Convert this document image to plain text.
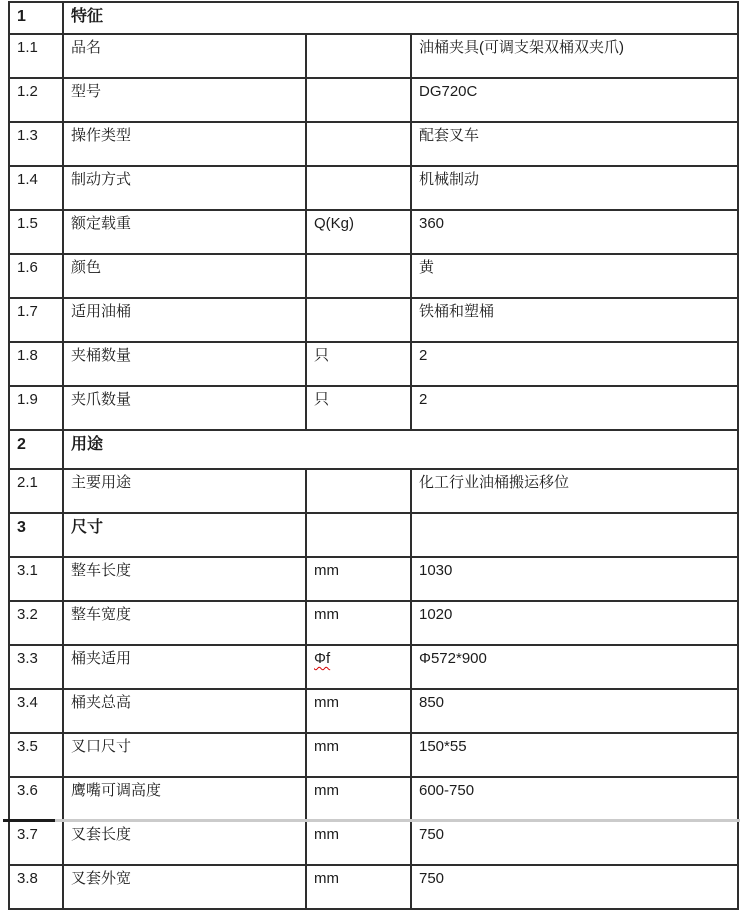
1	特征		
1.1	品名		油桶夹具(可调支架双桶双夹爪)
1.2	型号		DG720C
1.3	操作类型		配套叉车
1.4	制动方式		机械制动
1.5	额定载重	Q(Kg)	360
1.6	颜色		黄
1.7	适用油桶		铁桶和塑桶
1.8	夹桶数量	只	2
1.9	夹爪数量	只	2
2	用途		
2.1	主要用途		化工行业油桶搬运移位
3	尺寸		
3.1	整车长度	mm	1030
3.2	整车宽度	mm	1020
3.3	桶夹适用	Φf	Φ572*900
3.4	桶夹总高	mm	850
3.5	叉口尺寸	mm	150*55
3.6	鹰嘴可调高度	mm	600-750
3.7	叉套长度	mm	750
3.8	叉套外宽	mm	750
